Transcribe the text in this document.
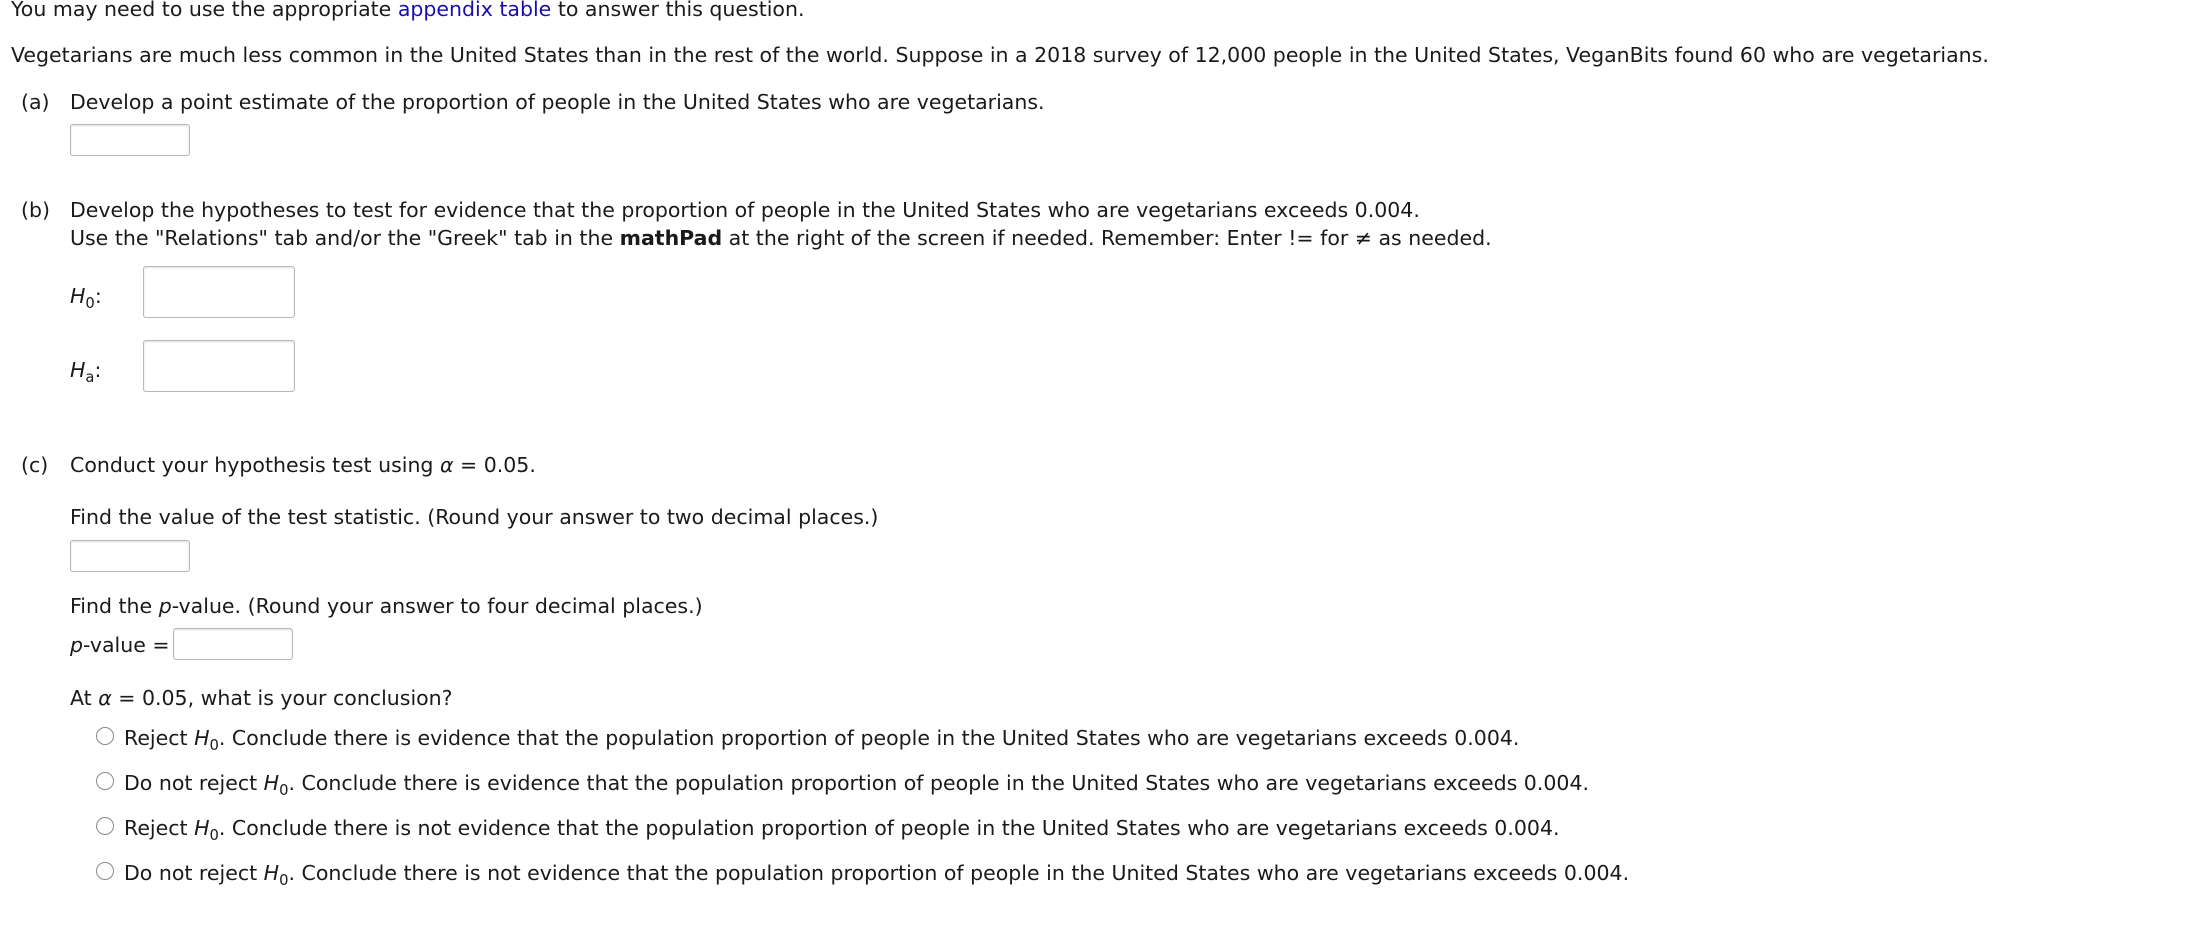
You may need to use the appropriate appendix table to answer this question.
Vegetarians are much less common in the United States than in the rest of the world. Suppose in a 2018 survey of 12,000 people in the United States, VeganBits found 60 who are vegetarians.
(a) Develop a point estimate of the proportion of people in the United States who are vegetarians.
(b) Develop the hypotheses to test for evidence that the proportion of people in the United States who are vegetarians exceeds 0.004.
Use the "Relations" tab and/or the "Greek" tab in the mathPad at the right of the screen if needed. Remember: Enter != for ≠ as needed.
$H_0$:
$H_a$:
(c) Conduct your hypothesis test using α = 0.05.
Find the value of the test statistic. (Round your answer to two decimal places.)
Find the p-value. (Round your answer to four decimal places.)
p-value =
At α = 0.05, what is your conclusion?
Reject $H_0$. Conclude there is evidence that the population proportion of people in the United States who are vegetarians exceeds 0.004.
Do not reject $H_0$. Conclude there is evidence that the population proportion of people in the United States who are vegetarians exceeds 0.004.
Reject $H_0$. Conclude there is not evidence that the population proportion of people in the United States who are vegetarians exceeds 0.004.
Do not reject $H_0$. Conclude there is not evidence that the population proportion of people in the United States who are vegetarians exceeds 0.004.
